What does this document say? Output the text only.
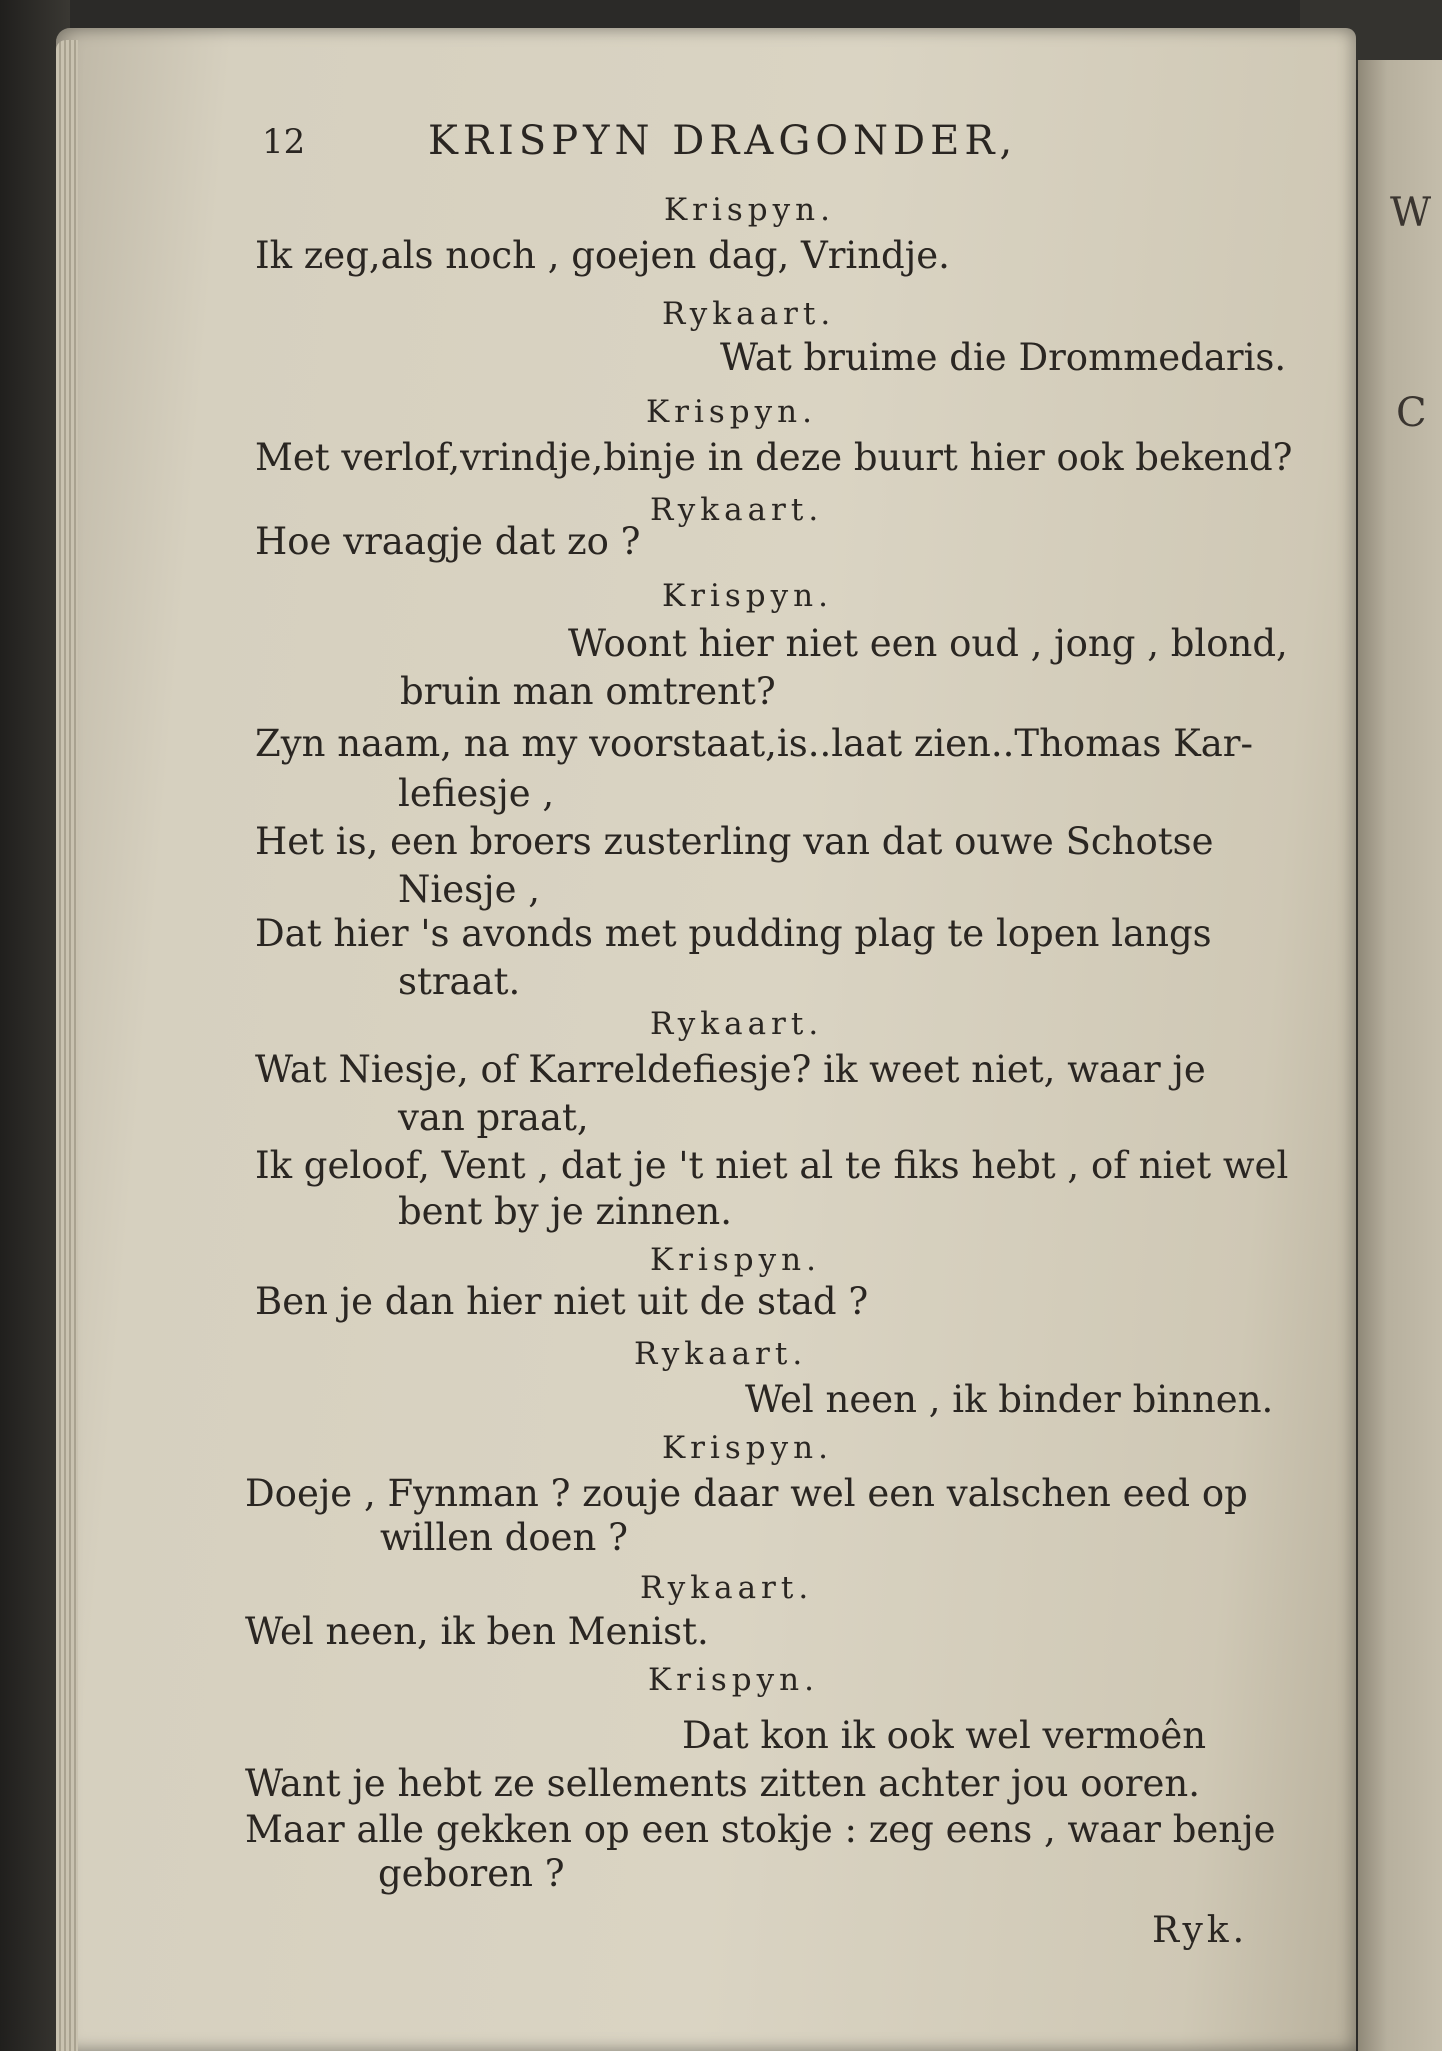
W
C
12	KRISPYN DRAGONDER,
Krispyn.
Ik zeg,als noch , goejen dag, Vrindje.
Rykaart.
Wat bruime die Drommedaris.
Krispyn.
Met verlof,vrindje,binje in deze buurt hier ook bekend?
Rykaart.
Hoe vraagje dat zo ?
Krispyn.
Woont hier niet een oud , jong , blond,
bruin man omtrent?
Zyn naam, na my voorstaat,is..laat zien..Thomas Kar-
lefiesje ,
Het is, een broers zusterling van dat ouwe Schotse
Niesje ,
Dat hier 's avonds met pudding plag te lopen langs
straat.
Rykaart.
Wat Niesje, of Karreldefiesje? ik weet niet, waar je
van praat,
Ik geloof, Vent , dat je 't niet al te fiks hebt , of niet wel
bent by je zinnen.
Krispyn.
Ben je dan hier niet uit de stad ?
Rykaart.
Wel neen , ik binder binnen.
Krispyn.
Doeje , Fynman ? zouje daar wel een valschen eed op
willen doen ?
Rykaart.
Wel neen, ik ben Menist.
Krispyn.
Dat kon ik ook wel vermoên
Want je hebt ze sellements zitten achter jou ooren.
Maar alle gekken op een stokje : zeg eens , waar benje
geboren ?
Ryk.
